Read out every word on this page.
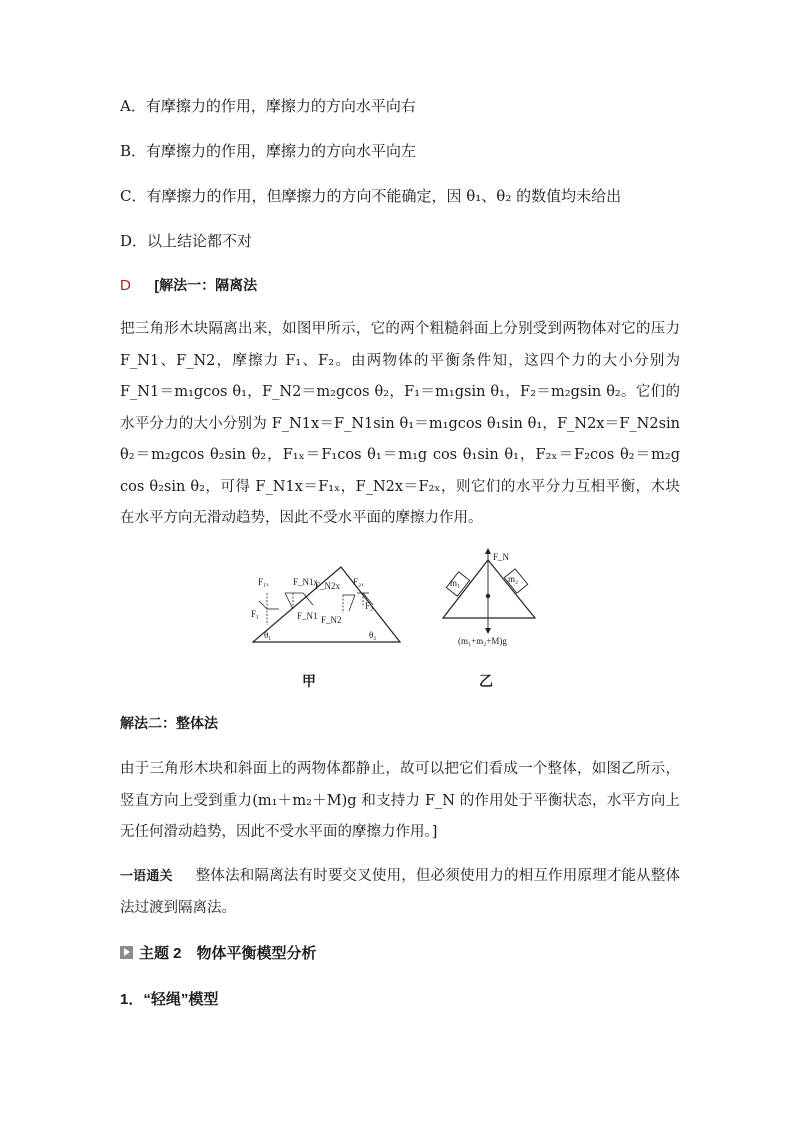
A．有摩擦力的作用，摩擦力的方向水平向右
B．有摩擦力的作用，摩擦力的方向水平向左
C．有摩擦力的作用，但摩擦力的方向不能确定，因 θ₁、θ₂ 的数值均未给出
D．以上结论都不对
D [解法一：隔离法
把三角形木块隔离出来，如图甲所示，它的两个粗糙斜面上分别受到两物体对它的压力 F_N1、F_N2，摩擦力 F₁、F₂。由两物体的平衡条件知，这四个力的大小分别为 F_N1＝m₁gcos θ₁，F_N2＝m₂gcos θ₂，F₁＝m₁gsin θ₁，F₂＝m₂gsin θ₂。它们的水平分力的大小分别为 F_N1x＝F_N1sin θ₁＝m₁gcos θ₁sin θ₁，F_N2x＝F_N2sin θ₂＝m₂gcos θ₂sin θ₂，F₁ₓ＝F₁cos θ₁＝m₁g cos θ₁sin θ₁，F₂ₓ＝F₂cos θ₂＝m₂g cos θ₂sin θ₂，可得 F_N1x＝F₁ₓ，F_N2x＝F₂ₓ，则它们的水平分力互相平衡，木块在水平方向无滑动趋势，因此不受水平面的摩擦力作用。
F₁ₓ	F_N1x
F_N2x F₂ₓ
F₁	F_N1 F_N2
F₂
θ₁	θ₂
F_N
m₁	m₂
(m₁+m₂+M)g
甲	乙
解法二：整体法
由于三角形木块和斜面上的两物体都静止，故可以把它们看成一个整体，如图乙所示，竖直方向上受到重力(m₁＋m₂＋M)g 和支持力 F_N 的作用处于平衡状态，水平方向上无任何滑动趋势，因此不受水平面的摩擦力作用。]
一语通关 整体法和隔离法有时要交叉使用，但必须使用力的相互作用原理才能从整体法过渡到隔离法。
主题 2　物体平衡模型分析
1．“轻绳”模型
